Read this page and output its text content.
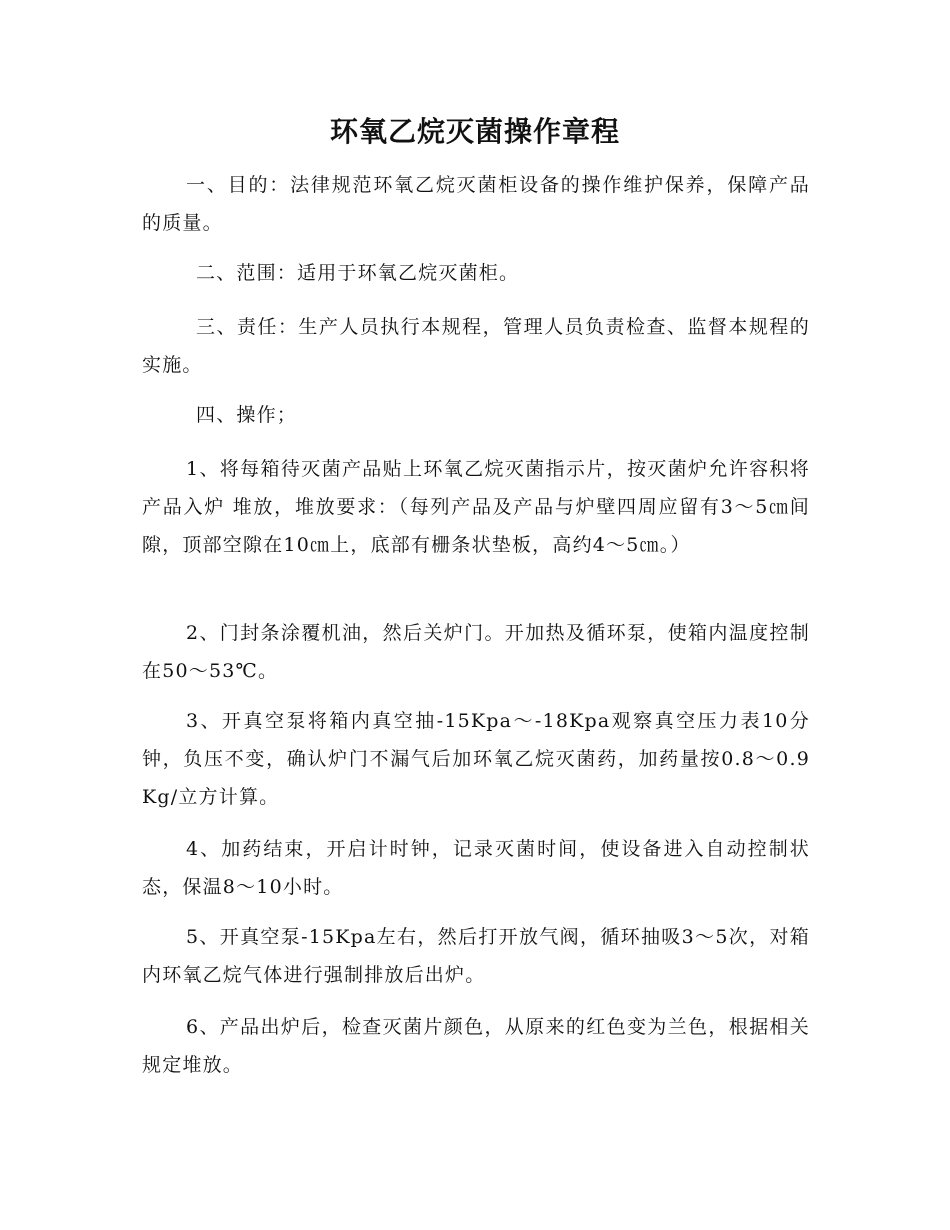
环氧乙烷灭菌操作章程
一、目的：法律规范环氧乙烷灭菌柜设备的操作维护保养，保障产品的质量。
二、范围：适用于环氧乙烷灭菌柜。
三、责任：生产人员执行本规程，管理人员负责检查、监督本规程的实施。
四、操作；
1、将每箱待灭菌产品贴上环氧乙烷灭菌指示片，按灭菌炉允许容积将产品入炉 堆放，堆放要求：（每列产品及产品与炉壁四周应留有3～5㎝间隙，顶部空隙在10㎝上，底部有栅条状垫板，高约4～5㎝。）
2、门封条涂覆机油，然后关炉门。开加热及循环泵，使箱内温度控制在50～53℃。
3、开真空泵将箱内真空抽-15Kpa～-18Kpa观察真空压力表10分钟，负压不变，确认炉门不漏气后加环氧乙烷灭菌药，加药量按0.8～0.9Kg/立方计算。
4、加药结束，开启计时钟，记录灭菌时间，使设备进入自动控制状态，保温8～10小时。
5、开真空泵-15Kpa左右，然后打开放气阀，循环抽吸3～5次，对箱内环氧乙烷气体进行强制排放后出炉。
6、产品出炉后，检查灭菌片颜色，从原来的红色变为兰色，根据相关规定堆放。
